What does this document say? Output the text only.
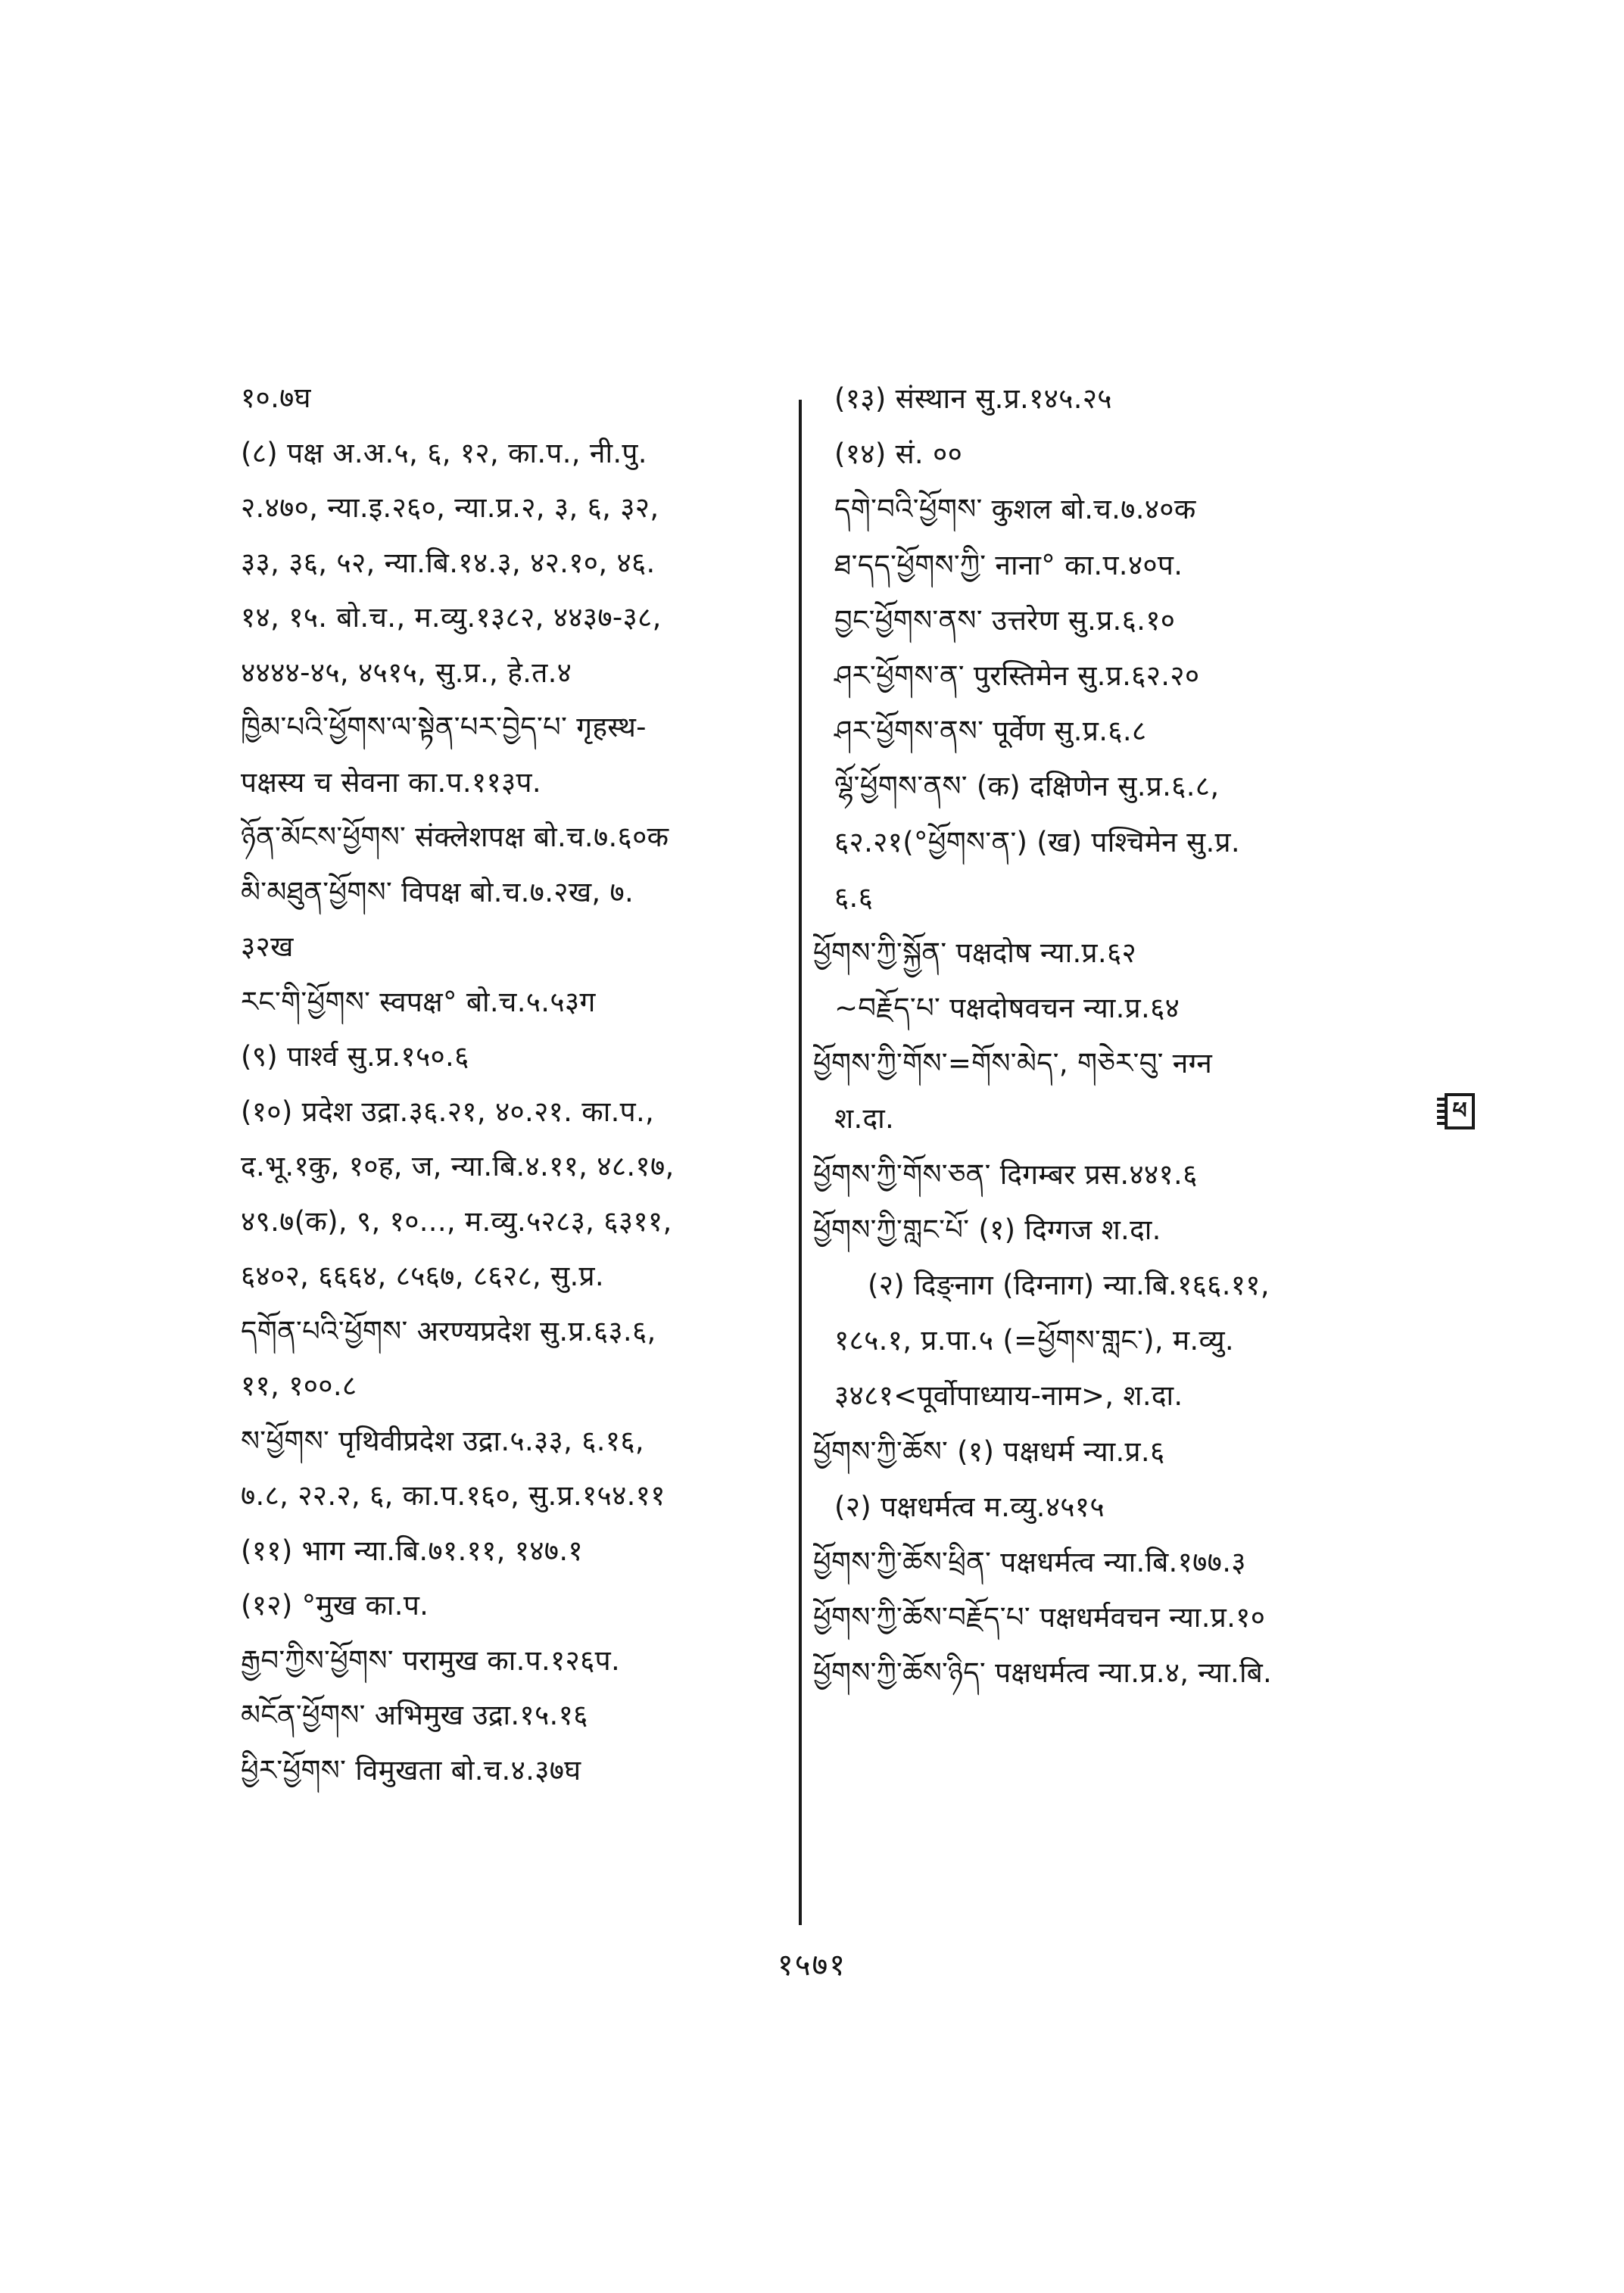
१०.७घ
(८) पक्ष अ.अ.५, ६, १२, का.प., नी.पु.
२.४७०, न्या.इ.२६०, न्या.प्र.२, ३, ६, ३२,
३३, ३६, ५२, न्या.बि.१४.३, ४२.१०, ४६.
१४, १५. बो.च., म.व्यु.१३८२, ४४३७-३८,
४४४४-४५, ४५१५, सु.प्र., हे.त.४
ཁྱིམ་པའི་ཕྱོགས་ལ་སྟེན་པར་བྱེད་པ་ गृहस्थ-
पक्षस्य च सेवना का.प.११३प.
ཉོན་མོངས་ཕྱོགས་ संक्लेशपक्ष बो.च.७.६०क
མི་མཐུན་ཕྱོགས་ विपक्ष बो.च.७.२ख, ७.
३२ख
རང་གི་ཕྱོགས་ स्वपक्ष° बो.च.५.५३ग
(९) पार्श्व सु.प्र.१५०.६
(१०) प्रदेश उद्रा.३६.२१, ४०.२१. का.प.,
द.भू.१कु, १०ह, ज, न्या.बि.४.११, ४८.१७,
४९.७(क), ९, १०..., म.व्यु.५२८३, ६३११,
६४०२, ६६६४, ८५६७, ८६२८, सु.प्र.
དགོན་པའི་ཕྱོགས་ अरण्यप्रदेश सु.प्र.६३.६,
११, १००.८
ས་ཕྱོགས་ पृथिवीप्रदेश उद्रा.५.३३, ६.१६,
७.८, २२.२, ६, का.प.१६०, सु.प्र.१५४.११
(११) भाग न्या.बि.७१.११, १४७.१
(१२) °मुख का.प.
རྒྱབ་ཀྱིས་ཕྱོགས་ परामुख का.प.१२६प.
མངོན་ཕྱོགས་ अभिमुख उद्रा.१५.१६
ཕྱིར་ཕྱོགས་ विमुखता बो.च.४.३७घ
(१३) संस्थान सु.प्र.१४५.२५
(१४) सं. ००
དགེ་བའི་ཕྱོགས་ कुशल बो.च.७.४०क
ཐ་དད་ཕྱོགས་ཀྱི་ नाना° का.प.४०प.
བྱང་ཕྱོགས་ནས་ उत्तरेण सु.प्र.६.१०
ཤར་ཕྱོགས་ན་ पुरस्तिमेन सु.प्र.६२.२०
ཤར་ཕྱོགས་ནས་ पूर्वेण सु.प्र.६.८
ལྷོ་ཕྱོགས་ནས་ (क) दक्षिणेन सु.प्र.६.८,
६२.२१(°ཕྱོགས་ན་) (ख) पश्चिमेन सु.प्र.
६.६
ཕྱོགས་ཀྱི་སྐྱོན་ पक्षदोष न्या.प्र.६२
~བརྗོད་པ་ पक्षदोषवचन न्या.प्र.६४
ཕྱོགས་ཀྱི་གོས་=གོས་མེད་, གཅེར་བུ་ नग्न
श.दा.
ཕྱོགས་ཀྱི་གོས་ཅན་ दिगम्बर प्रस.४४१.६
ཕྱོགས་ཀྱི་གླང་པོ་ (१) दिग्गज श.दा.
(२) दिङ्नाग (दिग्नाग) न्या.बि.१६६.११,
१८५.१, प्र.पा.५ (=ཕྱོགས་གླང་), म.व्यु.
३४८१<पूर्वोपाध्याय-नाम>, श.दा.
ཕྱོགས་ཀྱི་ཆོས་ (१) पक्षधर्म न्या.प्र.६
(२) पक्षधर्मत्व म.व्यु.४५१५
ཕྱོགས་ཀྱི་ཆོས་ཕྲིན་ पक्षधर्मत्व न्या.बि.१७७.३
ཕྱོགས་ཀྱི་ཆོས་བརྗོད་པ་ पक्षधर्मवचन न्या.प्र.१०
ཕྱོགས་ཀྱི་ཆོས་ཉིད་ पक्षधर्मत्व न्या.प्र.४, न्या.बि.
ཕ
१५७१
